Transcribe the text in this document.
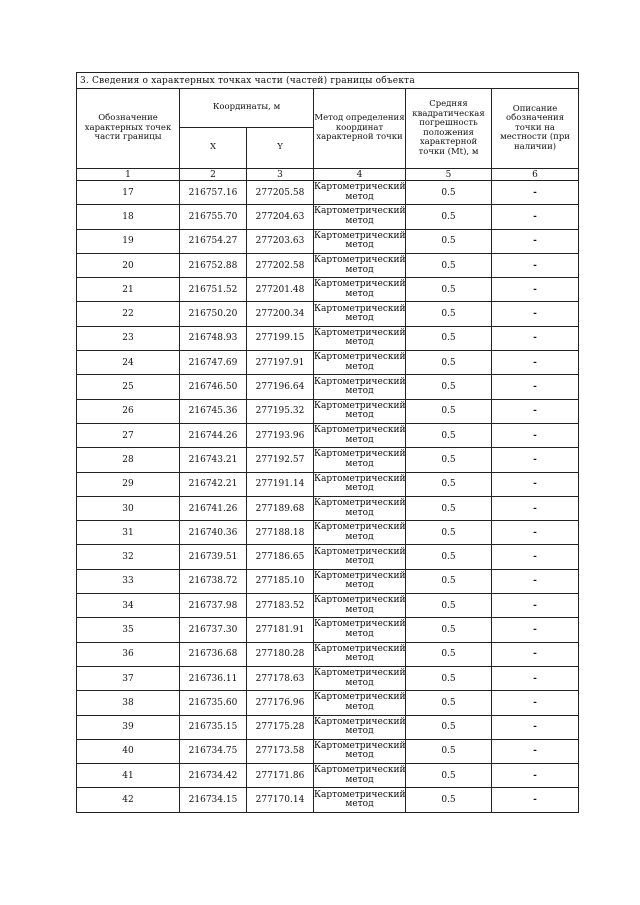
3. Сведения о характерных точках части (частей) границы объекта					
Обозначение характерных точек части границы	Координаты, м		Метод определения координат характерной точки	Средняя квадратическая погрешность положения характерной точки (Мt), м	Описание обозначения точки на местности (при наличии)
	X	Y			
1	2	3	4	5	6
17	216757.16	277205.58	Картометрический метод	0.5	-
18	216755.70	277204.63	Картометрический метод	0.5	-
19	216754.27	277203.63	Картометрический метод	0.5	-
20	216752.88	277202.58	Картометрический метод	0.5	-
21	216751.52	277201.48	Картометрический метод	0.5	-
22	216750.20	277200.34	Картометрический метод	0.5	-
23	216748.93	277199.15	Картометрический метод	0.5	-
24	216747.69	277197.91	Картометрический метод	0.5	-
25	216746.50	277196.64	Картометрический метод	0.5	-
26	216745.36	277195.32	Картометрический метод	0.5	-
27	216744.26	277193.96	Картометрический метод	0.5	-
28	216743.21	277192.57	Картометрический метод	0.5	-
29	216742.21	277191.14	Картометрический метод	0.5	-
30	216741.26	277189.68	Картометрический метод	0.5	-
31	216740.36	277188.18	Картометрический метод	0.5	-
32	216739.51	277186.65	Картометрический метод	0.5	-
33	216738.72	277185.10	Картометрический метод	0.5	-
34	216737.98	277183.52	Картометрический метод	0.5	-
35	216737.30	277181.91	Картометрический метод	0.5	-
36	216736.68	277180.28	Картометрический метод	0.5	-
37	216736.11	277178.63	Картометрический метод	0.5	-
38	216735.60	277176.96	Картометрический метод	0.5	-
39	216735.15	277175.28	Картометрический метод	0.5	-
40	216734.75	277173.58	Картометрический метод	0.5	-
41	216734.42	277171.86	Картометрический метод	0.5	-
42	216734.15	277170.14	Картометрический метод	0.5	-
